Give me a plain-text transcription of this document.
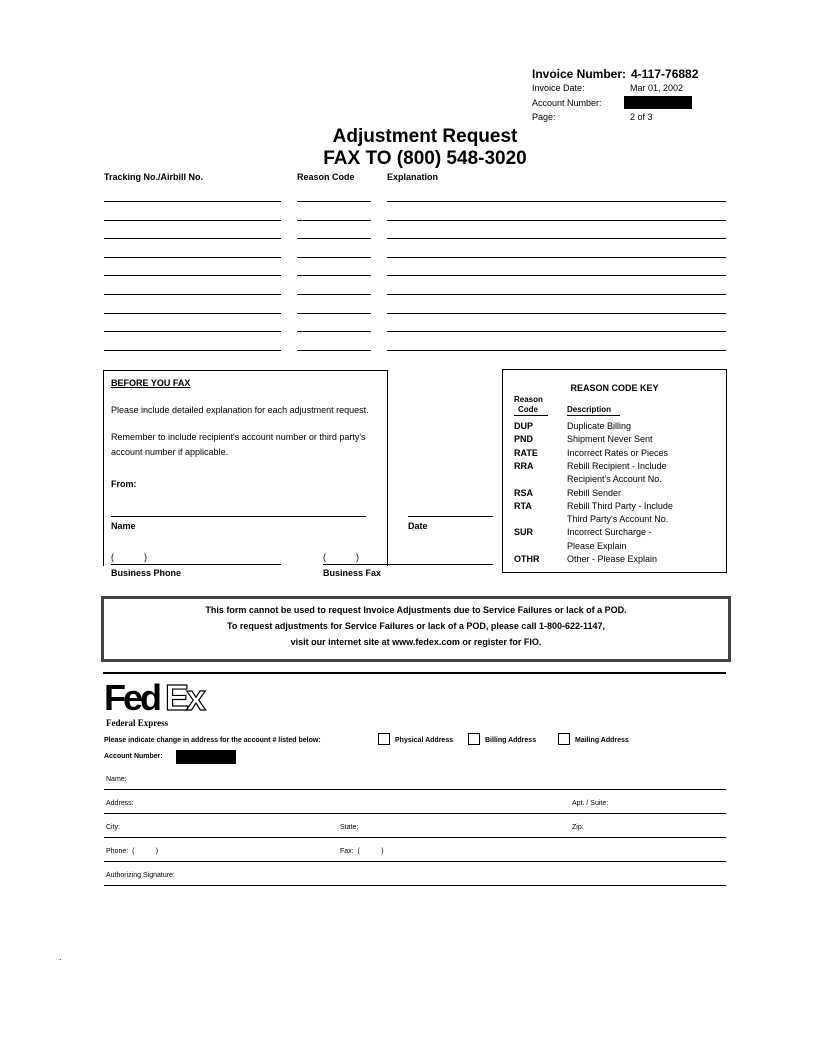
Invoice Number: 4-117-76882
Invoice Date:	Mar 01, 2002
Account Number:
Page:	2 of 3
Adjustment Request
FAX TO (800) 548-3020
Tracking No./Airbill No.	Reason Code	Explanation
BEFORE YOU FAX
Please include detailed explanation for each adjustment request.
Remember to include recipient's account number or third party's
account number if applicable.
From:
Name	Date
(            )	(            )
Business Phone	Business Fax
REASON CODE KEY
Reason
Code	Description
DUP	Duplicate Billing
PND	Shipment Never Sent
RATE	Incorrect Rates or Pieces
RRA	Rebill Recipient - Include
Recipient's Account No.
RSA	Rebill Sender
RTA	Rebill Third Party - Include
Third Party's Account No.
SUR	Incorrect Surcharge -
Please Explain
OTHR	Other - Please Explain
This form cannot be used to request Invoice Adjustments due to Service Failures or lack of a POD.
To request adjustments for Service Failures or lack of a POD, please call 1-800-622-1147,
visit our internet site at www.fedex.com or register for FIO.
Fed Ex
Federal Express
Please indicate change in address for the account # listed below:	Physical Address	Billing Address	Mailing Address
Account Number:
Name:
Address:	Apt. / Suite:
City:	State:	Zip:
Phone:  (           )	Fax:  (           )
Authorizing Signature:
.
